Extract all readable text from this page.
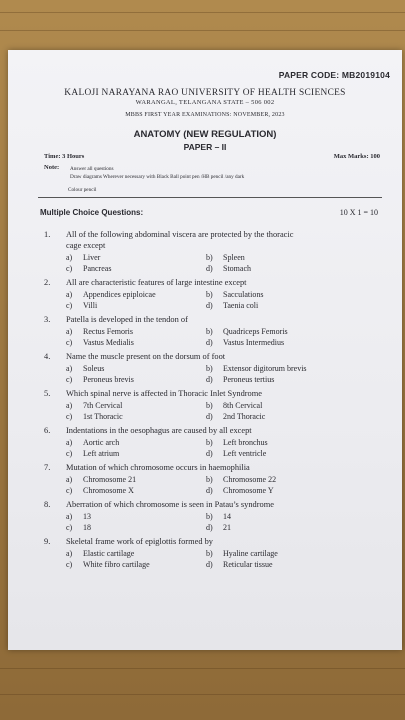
PAPER CODE: MB2019104
KALOJI NARAYANA RAO UNIVERSITY OF HEALTH SCIENCES
WARANGAL, TELANGANA STATE – 506 002
MBBS FIRST YEAR EXAMINATIONS: NOVEMBER, 2023
ANATOMY (NEW REGULATION)
PAPER – II
Time: 3 Hours	Max Marks: 100
Note: Answer all questions
Draw diagrams Wherever necessary with Black Ball point pen /HB pencil /any dark
Colour pencil
Multiple Choice Questions:	10 X 1 = 10
1. All of the following abdominal viscera are protected by the thoracic
cage except
a) Liver	b) Spleen
c) Pancreas	d) Stomach
2. All are characteristic features of large intestine except
a) Appendices epiploicae	b) Sacculations
c) Villi	d) Taenia coli
3. Patella is developed in the tendon of
a) Rectus Femoris	b) Quadriceps Femoris
c) Vastus Medialis	d) Vastus Intermedius
4. Name the muscle present on the dorsum of foot
a) Soleus	b) Extensor digitorum brevis
c) Peroneus brevis	d) Peroneus tertius
5. Which spinal nerve is affected in Thoracic Inlet Syndrome
a) 7th Cervical	b) 8th Cervical
c) 1st Thoracic	d) 2nd Thoracic
6. Indentations in the oesophagus are caused by all except
a) Aortic arch	b) Left bronchus
c) Left atrium	d) Left ventricle
7. Mutation of which chromosome occurs in haemophilia
a) Chromosome 21	b) Chromosome 22
c) Chromosome X	d) Chromosome Y
8. Aberration of which chromosome is seen in Patau’s syndrome
a) 13	b) 14
c) 18	d) 21
9. Skeletal frame work of epiglottis formed by
a) Elastic cartilage	b) Hyaline cartilage
c) White fibro cartilage	d) Reticular tissue
